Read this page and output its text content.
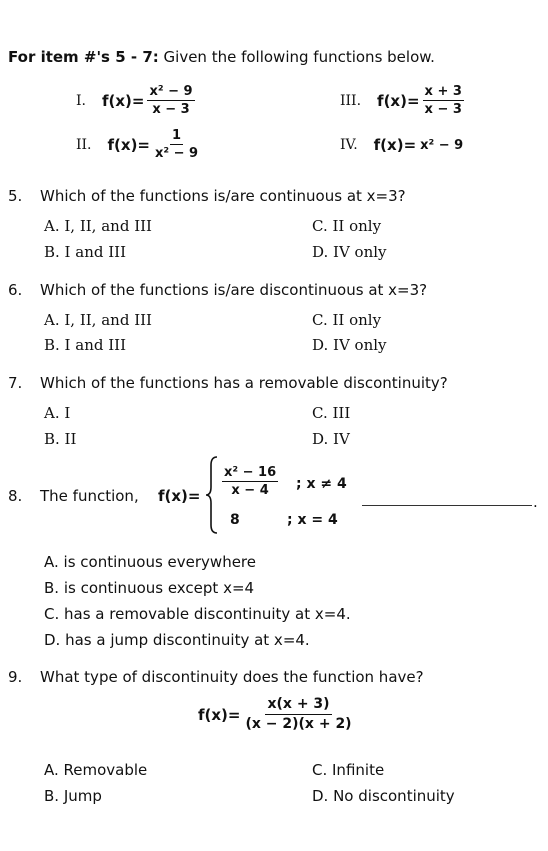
For item #'s 5 - 7: Given the following functions below.
I. $f(x)= \frac{\text{x² − 9}}{x - 3}$
II. $f(x)= \frac{1}{\text{x² − 9}}$
III. $f(x)= \frac{x + 3}{x - 3}$
IV. f(x)= x² − 9
5. Which of the functions is/are continuous at x=3?
A. I, II, and III
B. I and III
C. II only
D. IV only
6. Which of the functions is/are discontinuous at x=3?
A. I, II, and III
B. I and III
C. II only
D. IV only
7. Which of the functions has a removable discontinuity?
A. I
B. II
C. III
D. IV
8. The function, $f(x)= \frac{\text{x² − 16}}{x - 4}$ ; x ≠ 4
8	; x = 4
.
A. is continuous everywhere
B. is continuous except x=4
C. has a removable discontinuity at x=4.
D. has a jump discontinuity at x=4.
9. What type of discontinuity does the function have?
$f(x)= \frac{x(x + 3)}{(x - 2)(x + 2)}$
A. Removable
B. Jump
C. Infinite
D. No discontinuity
